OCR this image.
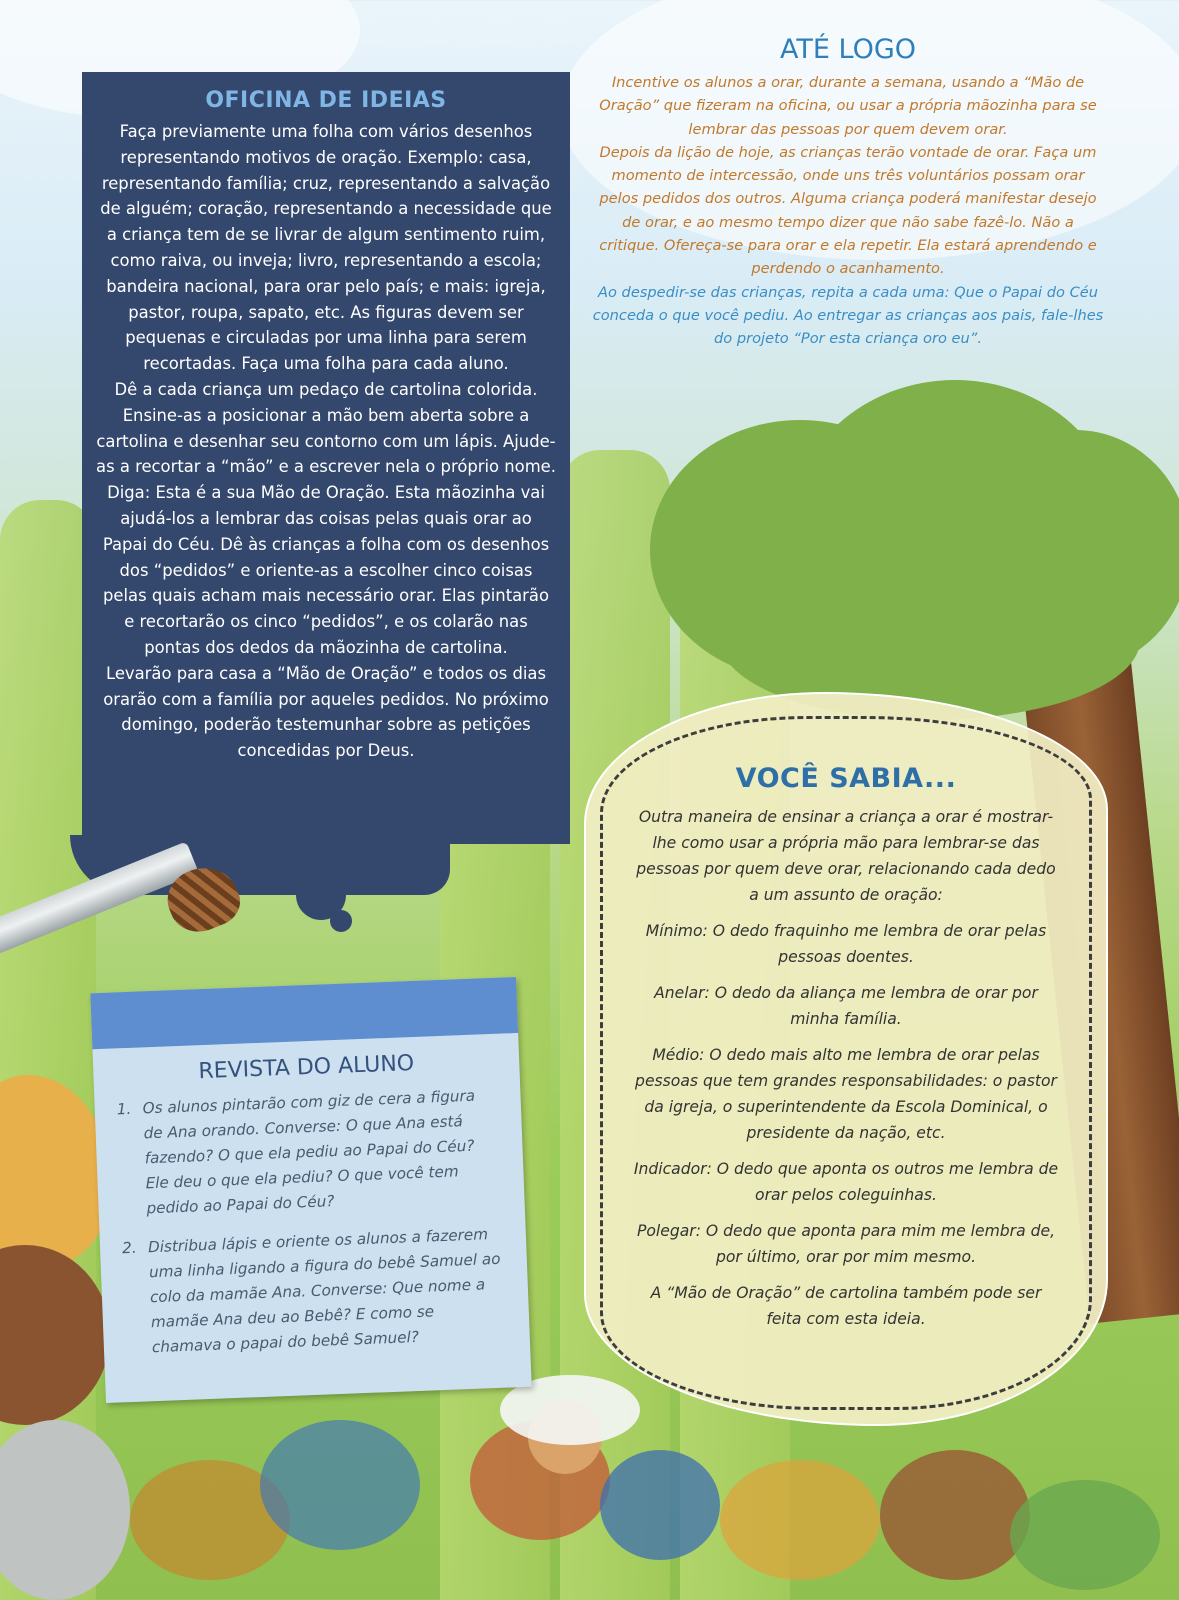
OFICINA DE IDEIAS

Faça previamente uma folha com vários desenhos representando motivos de oração. Exemplo: casa, representando família; cruz, representando a salvação de alguém; coração, representando a necessidade que a criança tem de se livrar de algum sentimento ruim, como raiva, ou inveja; livro, representando a escola; bandeira nacional, para orar pelo país; e mais: igreja, pastor, roupa, sapato, etc. As figuras devem ser pequenas e circuladas por uma linha para serem recortadas. Faça uma folha para cada aluno.

Dê a cada criança um pedaço de cartolina colorida. Ensine-as a posicionar a mão bem aberta sobre a cartolina e desenhar seu contorno com um lápis. Ajude-as a recortar a “mão” e a escrever nela o próprio nome. Diga: Esta é a sua Mão de Oração. Esta mãozinha vai ajudá-los a lembrar das coisas pelas quais orar ao Papai do Céu. Dê às crianças a folha com os desenhos dos “pedidos” e oriente-as a escolher cinco coisas pelas quais acham mais necessário orar. Elas pintarão e recortarão os cinco “pedidos”, e os colarão nas pontas dos dedos da mãozinha de cartolina.

Levarão para casa a “Mão de Oração” e todos os dias orarão com a família por aqueles pedidos. No próximo domingo, poderão testemunhar sobre as petições concedidas por Deus.

ATÉ LOGO

Incentive os alunos a orar, durante a semana, usando a “Mão de Oração” que fizeram na oficina, ou usar a própria mãozinha para se lembrar das pessoas por quem devem orar.

Depois da lição de hoje, as crianças terão vontade de orar. Faça um momento de intercessão, onde uns três voluntários possam orar pelos pedidos dos outros. Alguma criança poderá manifestar desejo de orar, e ao mesmo tempo dizer que não sabe fazê-lo. Não a critique. Ofereça-se para orar e ela repetir. Ela estará aprendendo e perdendo o acanhamento.

Ao despedir-se das crianças, repita a cada uma: Que o Papai do Céu conceda o que você pediu. Ao entregar as crianças aos pais, fale-lhes do projeto “Por esta criança oro eu”.

VOCÊ SABIA...

Outra maneira de ensinar a criança a orar é mostrar-lhe como usar a própria mão para lembrar-se das pessoas por quem deve orar, relacionando cada dedo a um assunto de oração:

Mínimo: O dedo fraquinho me lembra de orar pelas pessoas doentes.

Anelar: O dedo da aliança me lembra de orar por minha família.

Médio: O dedo mais alto me lembra de orar pelas pessoas que tem grandes responsabilidades: o pastor da igreja, o superintendente da Escola Dominical, o presidente da nação, etc.

Indicador: O dedo que aponta os outros me lembra de orar pelos coleguinhas.

Polegar: O dedo que aponta para mim me lembra de, por último, orar por mim mesmo.

A “Mão de Oração” de cartolina também pode ser feita com esta ideia.

REVISTA DO ALUNO
1. Os alunos pintarão com giz de cera a figura de Ana orando. Converse: O que Ana está fazendo? O que ela pediu ao Papai do Céu? Ele deu o que ela pediu? O que você tem pedido ao Papai do Céu?
2. Distribua lápis e oriente os alunos a fazerem uma linha ligando a figura do bebê Samuel ao colo da mamãe Ana. Converse: Que nome a mamãe Ana deu ao Bebê? E como se chamava o papai do bebê Samuel?
